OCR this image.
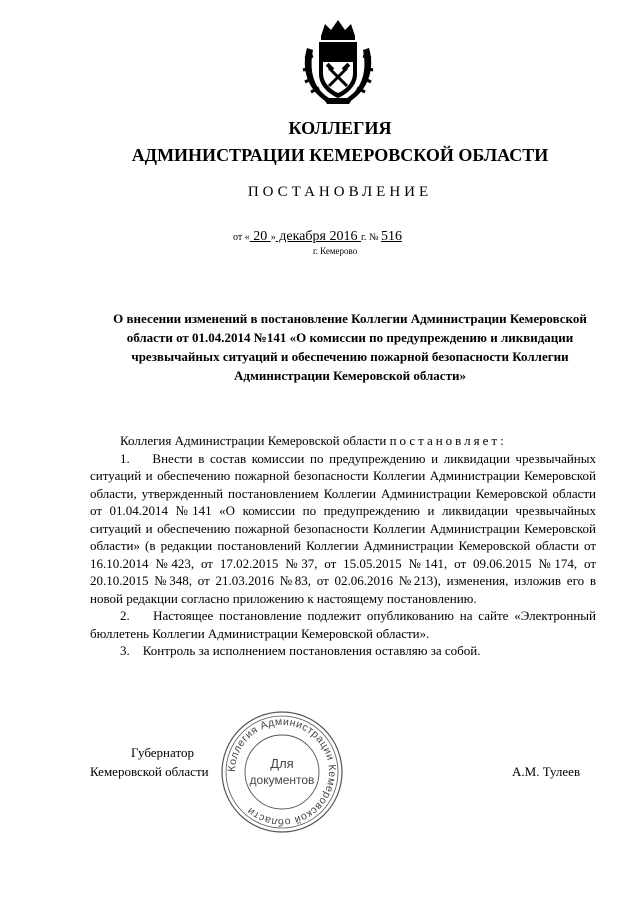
КОЛЛЕГИЯ
АДМИНИСТРАЦИИ КЕМЕРОВСКОЙ ОБЛАСТИ
ПОСТАНОВЛЕНИЕ
от « 20 » декабря 2016 г. № 516
г. Кемерово
О внесении изменений в постановление Коллегии Администрации Кемеровской области от 01.04.2014 №141 «О комиссии по предупреждению и ликвидации чрезвычайных ситуаций и обеспечению пожарной безопасности Коллегии Администрации Кемеровской области»

Коллегия Администрации Кемеровской области постановляет:

1.    Внести в состав комиссии по предупреждению и ликвидации чрезвычайных ситуаций и обеспечению пожарной безопасности Коллегии Администрации Кемеровской области, утвержденный постановлением Коллегии Администрации Кемеровской области от 01.04.2014 №141 «О комиссии по предупреждению и ликвидации чрезвычайных ситуаций и обеспечению пожарной безопасности Коллегии Администрации Кемеровской области» (в редакции постановлений Коллегии Администрации Кемеровской области от 16.10.2014 №423, от 17.02.2015 №37, от 15.05.2015 №141, от 09.06.2015 №174, от 20.10.2015 №348, от 21.03.2016 №83, от 02.06.2016 №213), изменения, изложив его в новой редакции согласно приложению к настоящему постановлению.

2.    Настоящее постановление подлежит опубликованию на сайте «Электронный бюллетень Коллегии Администрации Кемеровской области».

3.    Контроль за исполнением постановления оставляю за собой.

Губернатор
Кемеровской области	А.М. Тулеев
Коллегия Администрации Кемеровской области
Для
документов
